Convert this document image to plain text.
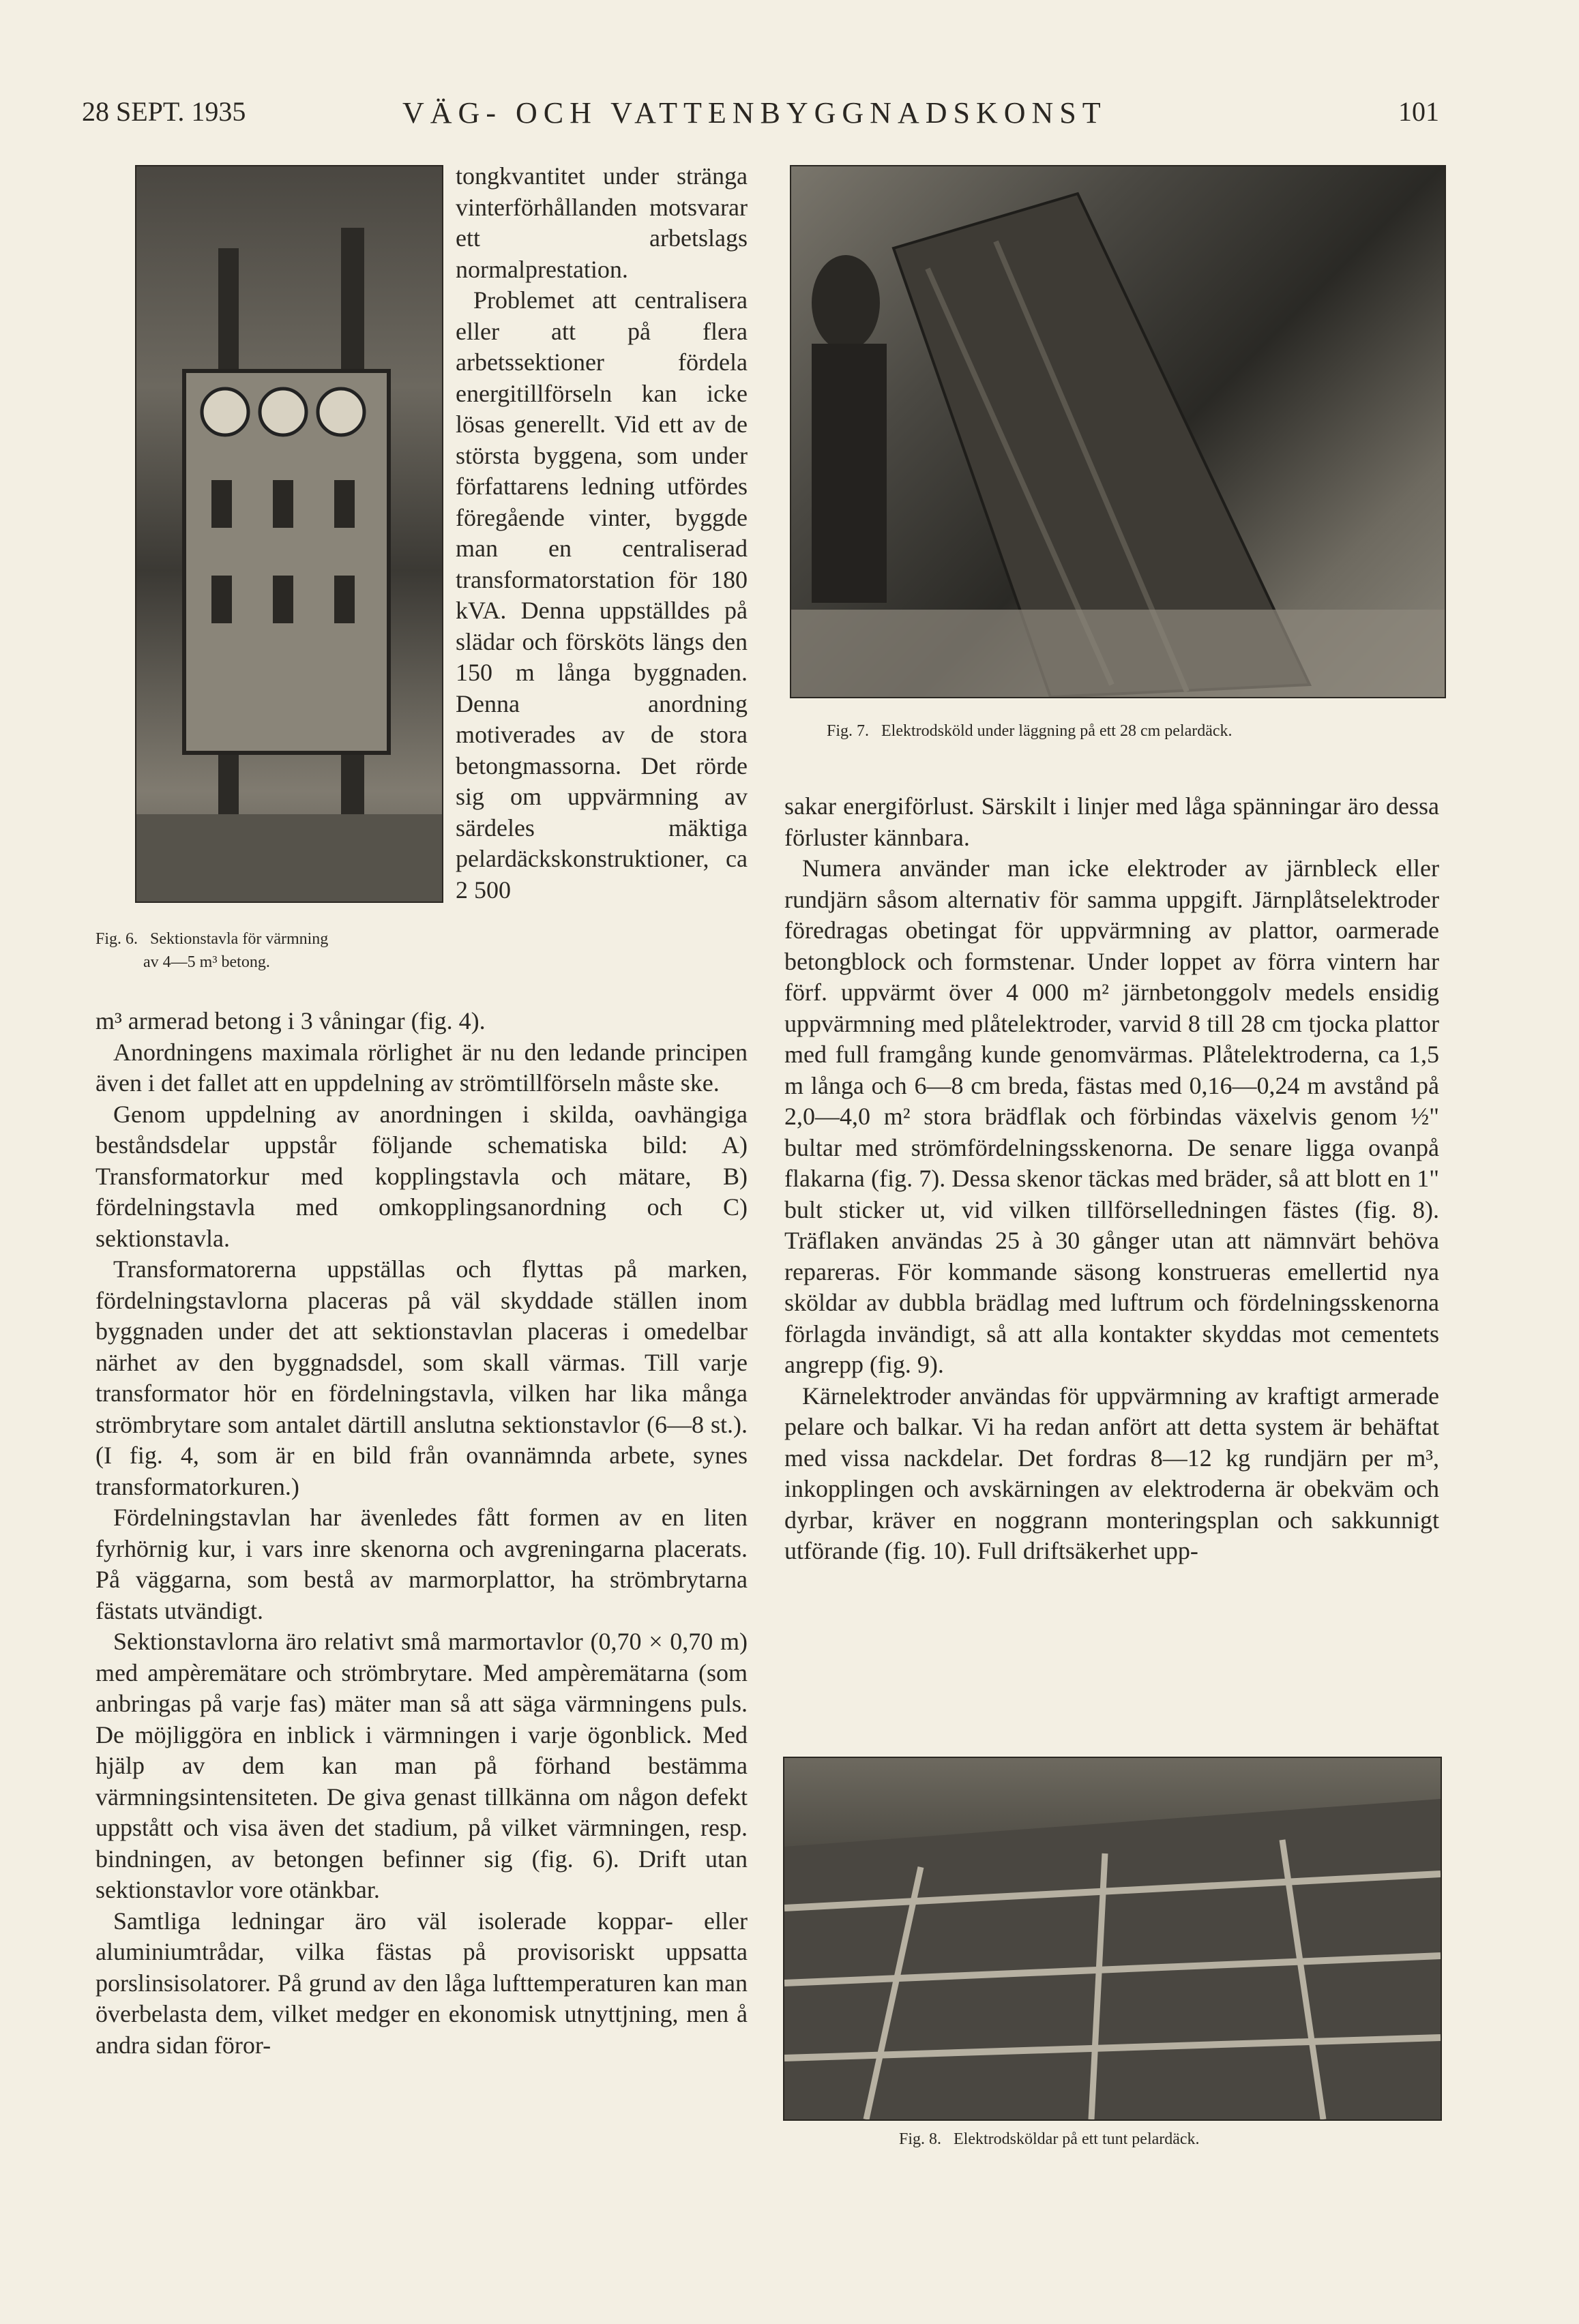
28 SEPT. 1935	VÄG- OCH VATTENBYGGNADSKONST	101
Fig. 6. Sektionstavla för värmning
av 4—5 m³ betong.

tongkvantitet under stränga vinterförhållanden motsvarar ett arbetslags normalprestation.

Problemet att centralisera eller att på flera arbetssektioner fördela energitillförseln kan icke lösas generellt. Vid ett av de största byggena, som under författarens ledning utfördes föregående vinter, byggde man en centraliserad transformatorstation för 180 kVA. Denna uppställdes på slädar och försköts längs den 150 m långa byggnaden. Denna anordning motiverades av de stora betongmassorna. Det rörde sig om uppvärmning av särdeles mäktiga pelardäckskonstruktioner, ca 2 500

m³ armerad betong i 3 våningar (fig. 4).

Anordningens maximala rörlighet är nu den ledande principen även i det fallet att en uppdelning av strömtillförseln måste ske.

Genom uppdelning av anordningen i skilda, oavhängiga beståndsdelar uppstår följande schematiska bild: A) Transformatorkur med kopplingstavla och mätare, B) fördelningstavla med omkopplingsanordning och C) sektionstavla.

Transformatorerna uppställas och flyttas på marken, fördelningstavlorna placeras på väl skyddade ställen inom byggnaden under det att sektionstavlan placeras i omedelbar närhet av den byggnadsdel, som skall värmas. Till varje transformator hör en fördelningstavla, vilken har lika många strömbrytare som antalet därtill anslutna sektionstavlor (6—8 st.). (I fig. 4, som är en bild från ovannämnda arbete, synes transformatorkuren.)

Fördelningstavlan har ävenledes fått formen av en liten fyrhörnig kur, i vars inre skenorna och avgreningarna placerats. På väggarna, som bestå av marmorplattor, ha strömbrytarna fästats utvändigt.

Sektionstavlorna äro relativt små marmortavlor (0,70 × 0,70 m) med ampèremätare och strömbrytare. Med ampèremätarna (som anbringas på varje fas) mäter man så att säga värmningens puls. De möjliggöra en inblick i värmningen i varje ögonblick. Med hjälp av dem kan man på förhand bestämma värmningsintensiteten. De giva genast tillkänna om någon defekt uppstått och visa även det stadium, på vilket värmningen, resp. bindningen, av betongen befinner sig (fig. 6). Drift utan sektionstavlor vore otänkbar.

Samtliga ledningar äro väl isolerade koppar- eller aluminiumtrådar, vilka fästas på provisoriskt uppsatta porslinsisolatorer. På grund av den låga lufttemperaturen kan man överbelasta dem, vilket medger en ekonomisk utnyttjning, men å andra sidan föror-

Fig. 7. Elektrodsköld under läggning på ett 28 cm pelardäck.

sakar energiförlust. Särskilt i linjer med låga spänningar äro dessa förluster kännbara.

Numera använder man icke elektroder av järnbleck eller rundjärn såsom alternativ för samma uppgift. Järnplåtselektroder föredragas obetingat för uppvärmning av plattor, oarmerade betongblock och formstenar. Under loppet av förra vintern har förf. uppvärmt över 4 000 m² järnbetonggolv medels ensidig uppvärmning med plåtelektroder, varvid 8 till 28 cm tjocka plattor med full framgång kunde genomvärmas. Plåtelektroderna, ca 1,5 m långa och 6—8 cm breda, fästas med 0,16—0,24 m avstånd på 2,0—4,0 m² stora brädflak och förbindas växelvis genom ½" bultar med strömfördelningsskenorna. De senare ligga ovanpå flakarna (fig. 7). Dessa skenor täckas med bräder, så att blott en 1" bult sticker ut, vid vilken tillförselledningen fästes (fig. 8). Träflaken användas 25 à 30 gånger utan att nämnvärt behöva repareras. För kommande säsong konstrueras emellertid nya sköldar av dubbla brädlag med luftrum och fördelningsskenorna förlagda invändigt, så att alla kontakter skyddas mot cementets angrepp (fig. 9).

Kärnelektroder användas för uppvärmning av kraftigt armerade pelare och balkar. Vi ha redan anfört att detta system är behäftat med vissa nackdelar. Det fordras 8—12 kg rundjärn per m³, inkopplingen och avskärningen av elektroderna är obekväm och dyrbar, kräver en noggrann monteringsplan och sakkunnigt utförande (fig. 10). Full driftsäkerhet upp-

Fig. 8. Elektrodsköldar på ett tunt pelardäck.
